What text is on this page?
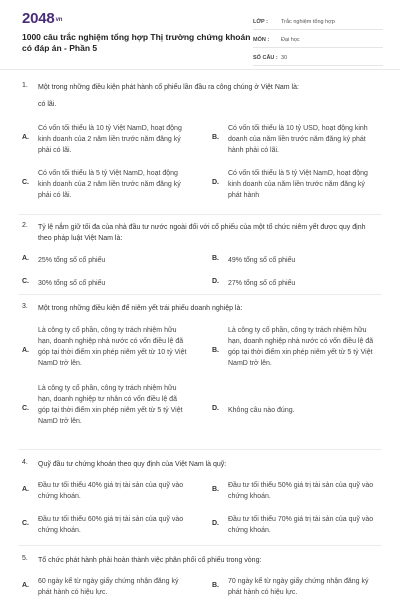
2048vn
1000 câu trắc nghiệm tổng hợp Thị trường chứng khoán có đáp án - Phần 5
LỚP :	Trắc nghiệm tổng hợp
MÔN :	Đại học
SỐ CÂU : 30
1. Một trong những điều kiện phát hành cổ phiếu lần đầu ra công chúng ở Việt Nam là:
có lãi.
A.
Có vốn tối thiểu là 10 tỷ Việt NamD, hoạt động kinh doanh của 2 năm liền trước năm đăng ký phải có lãi.
B.
Có vốn tối thiểu là 10 tỷ USD, hoạt động kinh doanh của năm liền trước năm đăng ký phát hành phải có lãi.
C.
Có vốn tối thiểu là 5 tỷ Việt NamD, hoạt động kinh doanh của 2 năm liền trước năm đăng ký phải có lãi.
D.
Có vốn tối thiểu là 5 tỷ Việt NamD, hoạt động kinh doanh của năm liền trước năm đăng ký phát hành
2. Tỷ lệ nắm giữ tối đa của nhà đầu tư nước ngoài đối với cổ phiếu của một tổ chức niêm yết được quy định theo pháp luật Việt Nam là:
A. 25% tổng số cổ phiếu	B. 49% tổng số cổ phiếu
C. 30% tổng số cổ phiếu	D. 27% tổng số cổ phiếu
3. Một trong những điều kiện để niêm yết trái phiếu doanh nghiệp là:
A.
Là công ty cổ phần, công ty trách nhiệm hữu hạn, doanh nghiệp nhà nước có vốn điều lệ đã góp tại thời điểm xin phép niêm yết từ 10 tỷ Việt NamD trở lên.
B.
Là công ty cổ phần, công ty trách nhiệm hữu hạn, doanh nghiệp nhà nước có vốn điều lệ đã góp tại thời điểm xin phép niêm yết từ 5 tỷ Việt NamD trở lên.
C.
Là công ty cổ phần, công ty trách nhiệm hữu hạn, doanh nghiệp tư nhân có vốn điều lệ đã góp tại thời điểm xin phép niêm yết từ 5 tỷ Việt NamD trở lên.
D. Không câu nào đúng.
4. Quỹ đầu tư chứng khoán theo quy định của Việt Nam là quỹ:
A.
Đầu tư tối thiểu 40% giá trị tài sản của quỹ vào chứng khoán.
B.
Đầu tư tối thiểu 50% giá trị tài sản của quỹ vào chứng khoán.
C.
Đầu tư tối thiểu 60% giá trị tài sản của quỹ vào chứng khoán.
D.
Đầu tư tối thiểu 70% giá trị tài sản của quỹ vào chứng khoán.
5. Tổ chức phát hành phải hoàn thành việc phân phối cổ phiếu trong vòng:
A.
60 ngày kể từ ngày giấy chứng nhận đăng ký phát hành có hiệu lực.
B.
70 ngày kể từ ngày giấy chứng nhận đăng ký phát hành có hiệu lực.
